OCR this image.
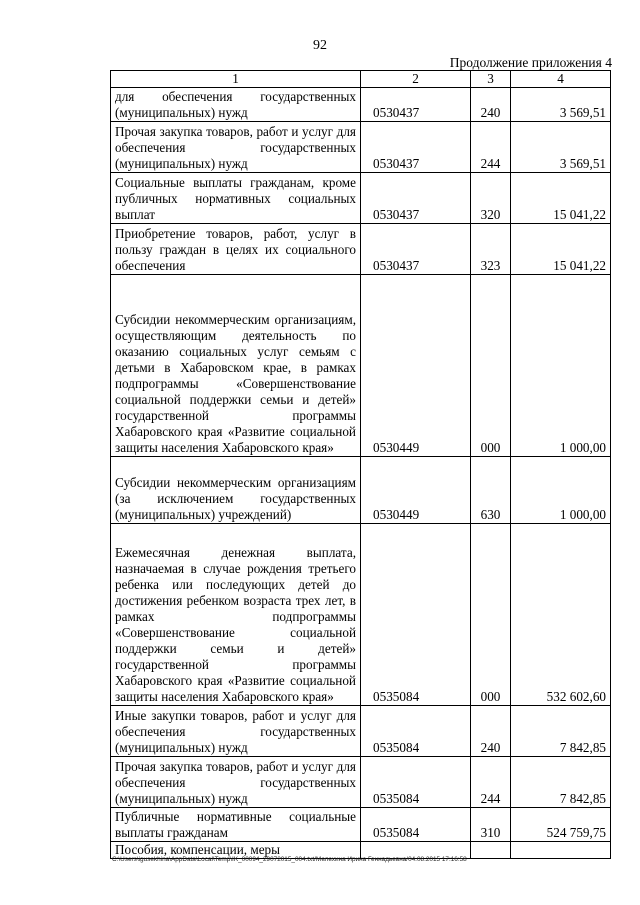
92
Продолжение приложения 4
1	2	3	4
для обеспечения государственных (муниципальных) нужд	0530437	240	3 569,51
Прочая закупка товаров, работ и услуг для обеспечения государственных (муниципальных) нужд	0530437	244	3 569,51
Социальные выплаты гражданам, кроме публичных нормативных социальных выплат	0530437	320	15 041,22
Приобретение товаров, работ, услуг в пользу граждан в целях их социального обеспечения	0530437	323	15 041,22
Субсидии некоммерческим организациям, осуществляющим деятельность по оказанию социальных услуг семьям с детьми в Хабаровском крае, в рамках подпрограммы «Совершенствование социальной поддержки семьи и детей» государственной программы Хабаровского края «Развитие социальной защиты населения Хабаровского края»	0530449	000	1 000,00
Субсидии некоммерческим организациям (за исключением государственных (муниципальных) учреждений)	0530449	630	1 000,00
Ежемесячная денежная выплата, назначаемая в случае рождения третьего ребенка или последующих детей до достижения ребенком возраста трех лет, в рамках подпрограммы «Совершенствование социальной поддержки семьи и детей» государственной программы Хабаровского края «Развитие социальной защиты населения Хабаровского края»	0535084	000	532 602,60
Иные закупки товаров, работ и услуг для обеспечения государственных (муниципальных) нужд	0535084	240	7 842,85
Прочая закупка товаров, работ и услуг для обеспечения государственных (муниципальных) нужд	0535084	244	7 842,85
Публичные нормативные социальные выплаты гражданам	0535084	310	524 759,75
Пособия, компенсации, меры			
C:\Users\igusekhina\AppData\Local\Temp\IK_00094_29072015_004.txt/Мелехина Ирина Геннадьевна/04.08.2015 17:16:58
